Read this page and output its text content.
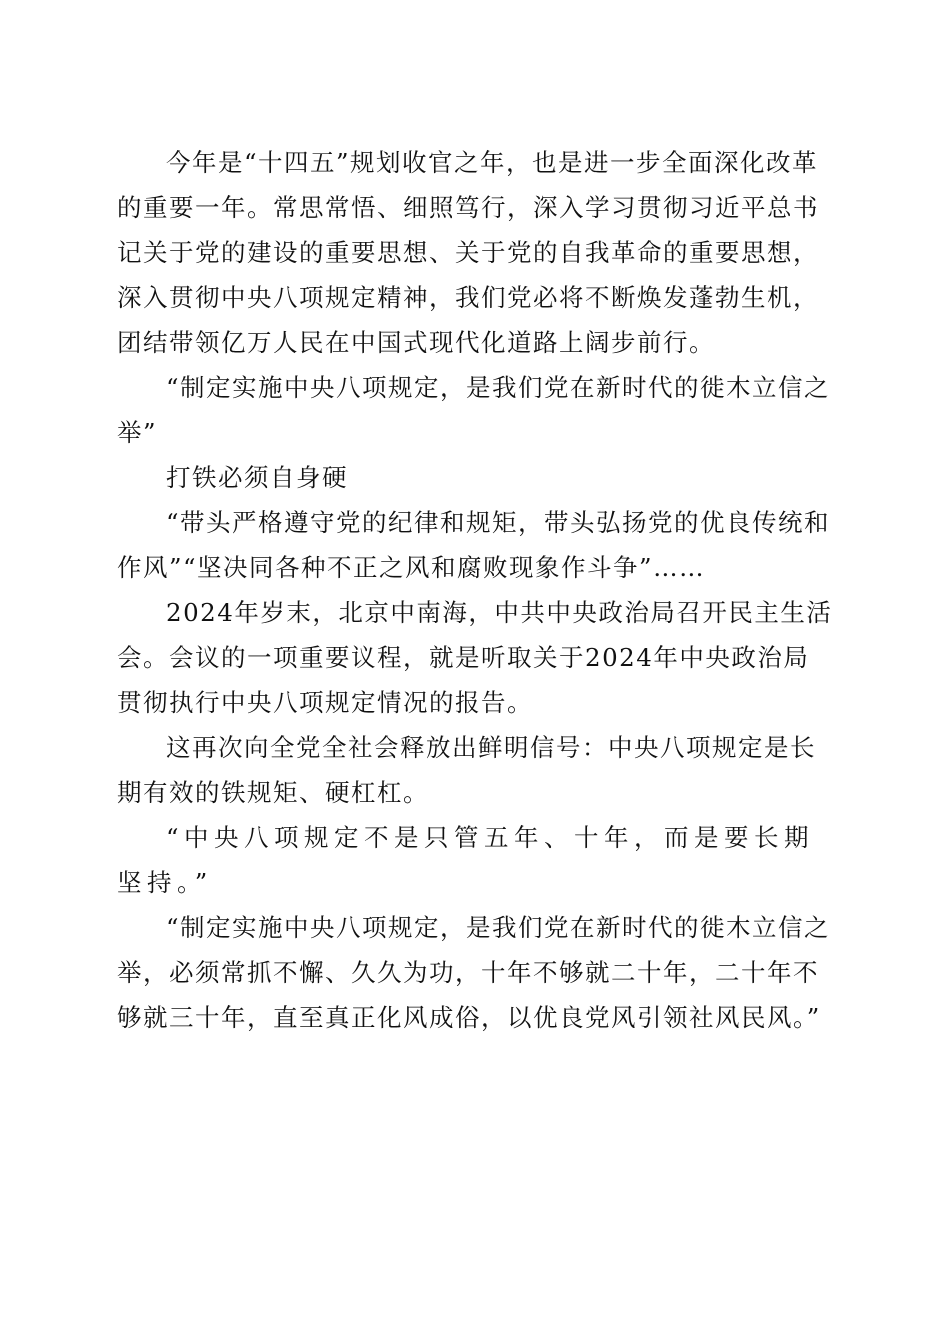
今年是“十四五”规划收官之年，也是进一步全面深化改革的重要一年。常思常悟、细照笃行，深入学习贯彻习近平总书记关于党的建设的重要思想、关于党的自我革命的重要思想，深入贯彻中央八项规定精神，我们党必将不断焕发蓬勃生机，团结带领亿万人民在中国式现代化道路上阔步前行。

“制定实施中央八项规定，是我们党在新时代的徙木立信之举”

打铁必须自身硬

“带头严格遵守党的纪律和规矩，带头弘扬党的优良传统和作风”“坚决同各种不正之风和腐败现象作斗争”……

2024年岁末，北京中南海，中共中央政治局召开民主生活会。会议的一项重要议程，就是听取关于2024年中央政治局贯彻执行中央八项规定情况的报告。

这再次向全党全社会释放出鲜明信号：中央八项规定是长期有效的铁规矩、硬杠杠。

“中央八项规定不是只管五年、十年，而是要长期坚持。”

“制定实施中央八项规定，是我们党在新时代的徙木立信之举，必须常抓不懈、久久为功，十年不够就二十年，二十年不够就三十年，直至真正化风成俗，以优良党风引领社风民风。”
